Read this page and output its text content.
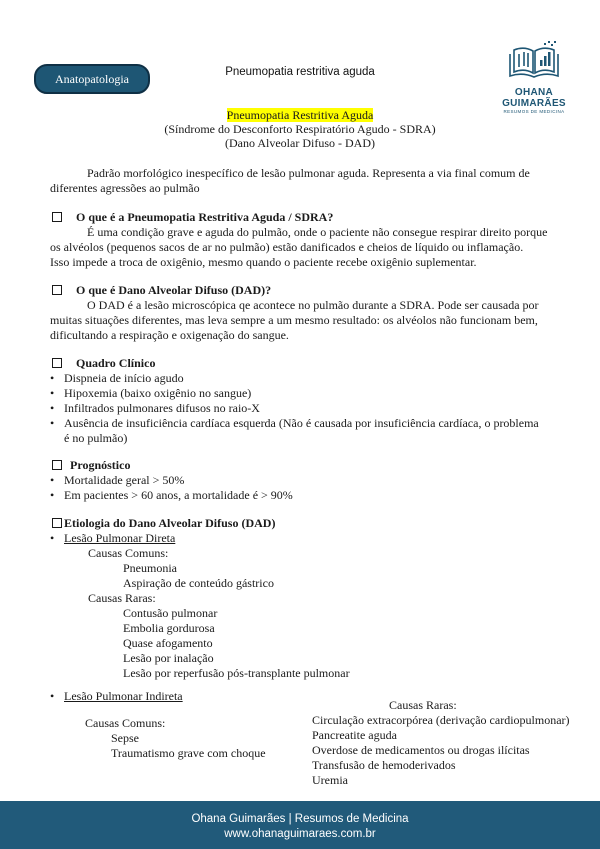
Anatopatologia	Pneumopatia restritiva aguda
OHANA GUIMARÃES
RESUMOS DE MEDICINA
Pneumopatia Restritiva Aguda
(Síndrome do Desconforto Respiratório Agudo - SDRA)
(Dano Alveolar Difuso - DAD)
Padrão morfológico inespecífico de lesão pulmonar aguda. Representa a via final comum de
diferentes agressões ao pulmão
O que é a Pneumopatia Restritiva Aguda / SDRA?
É uma condição grave e aguda do pulmão, onde o paciente não consegue respirar direito porque
os alvéolos (pequenos sacos de ar no pulmão) estão danificados e cheios de líquido ou inflamação.
Isso impede a troca de oxigênio, mesmo quando o paciente recebe oxigênio suplementar.
O que é Dano Alveolar Difuso (DAD)?
O DAD é a lesão microscópica qe acontece no pulmão durante a SDRA. Pode ser causada por
muitas situações diferentes, mas leva sempre a um mesmo resultado: os alvéolos não funcionam bem,
dificultando a respiração e oxigenação do sangue.
Quadro Clínico
• Dispneia de início agudo
• Hipoxemia (baixo oxigênio no sangue)
• Infiltrados pulmonares difusos no raio-X
• Ausência de insuficiência cardíaca esquerda (Não é causada por insuficiência cardíaca, o problema
é no pulmão)
Prognóstico
• Mortalidade geral > 50%
• Em pacientes > 60 anos, a mortalidade é > 90%
Etiologia do Dano Alveolar Difuso (DAD)
• Lesão Pulmonar Direta
Causas Comuns:
Pneumonia
Aspiração de conteúdo gástrico
Causas Raras:
Contusão pulmonar
Embolia gordurosa
Quase afogamento
Lesão por inalação
Lesão por reperfusão pós-transplante pulmonar
• Lesão Pulmonar Indireta
Causas Comuns:
Sepse
Traumatismo grave com choque
Causas Raras:
Circulação extracorpórea (derivação cardiopulmonar)
Pancreatite aguda
Overdose de medicamentos ou drogas ilícitas
Transfusão de hemoderivados
Uremia
Ohana Guimarães | Resumos de Medicina
www.ohanaguimaraes.com.br
